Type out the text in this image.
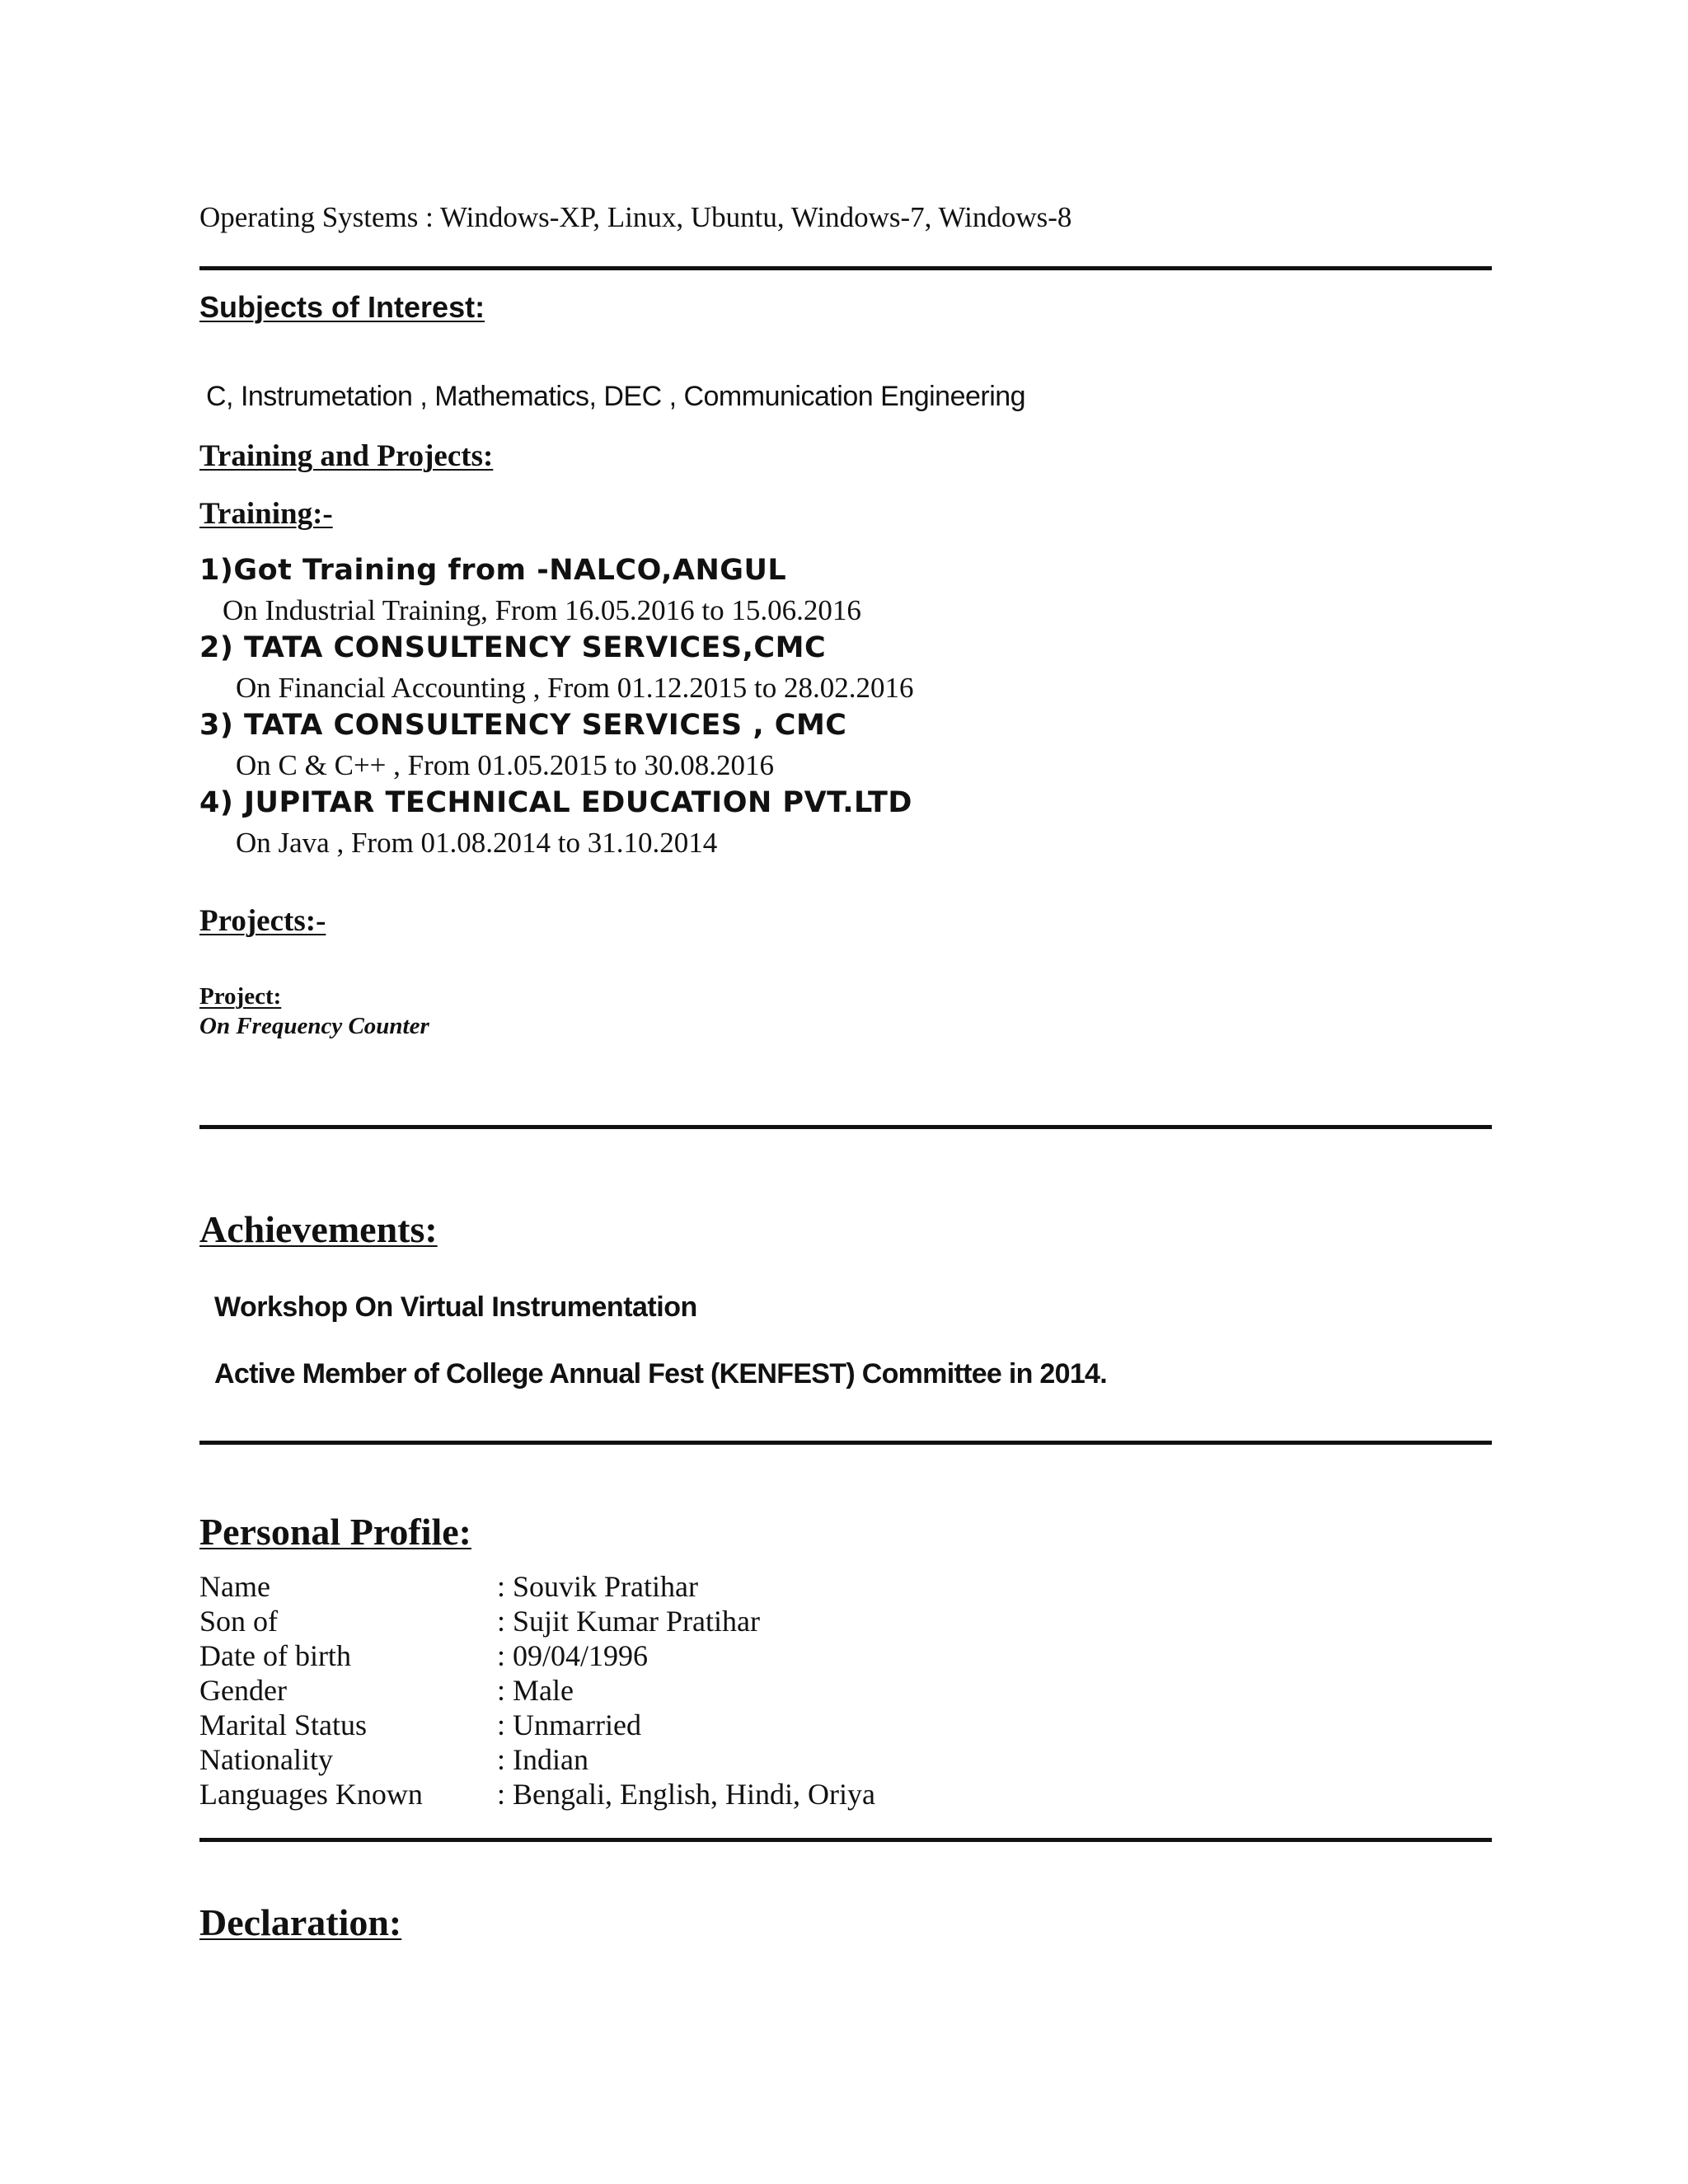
Operating Systems : Windows-XP, Linux, Ubuntu, Windows-7, Windows-8
Subjects of Interest:
C, Instrumetation , Mathematics, DEC , Communication Engineering
Training and Projects:
Training:-
1)Got Training from -NALCO,ANGUL
On Industrial Training, From 16.05.2016 to 15.06.2016
2) TATA CONSULTENCY SERVICES,CMC
On Financial Accounting , From 01.12.2015 to 28.02.2016
3) TATA CONSULTENCY SERVICES , CMC
On C & C++ , From 01.05.2015 to 30.08.2016
4) JUPITAR TECHNICAL EDUCATION PVT.LTD
On Java , From 01.08.2014 to 31.10.2014
Projects:-
Project:
On Frequency Counter
Achievements:
Workshop On Virtual Instrumentation
Active Member of College Annual Fest (KENFEST) Committee in 2014.
Personal Profile:
Name	: Souvik Pratihar
Son of	: Sujit Kumar Pratihar
Date of birth	: 09/04/1996
Gender	: Male
Marital Status	: Unmarried
Nationality	: Indian
Languages Known	: Bengali, English, Hindi, Oriya
Declaration:
